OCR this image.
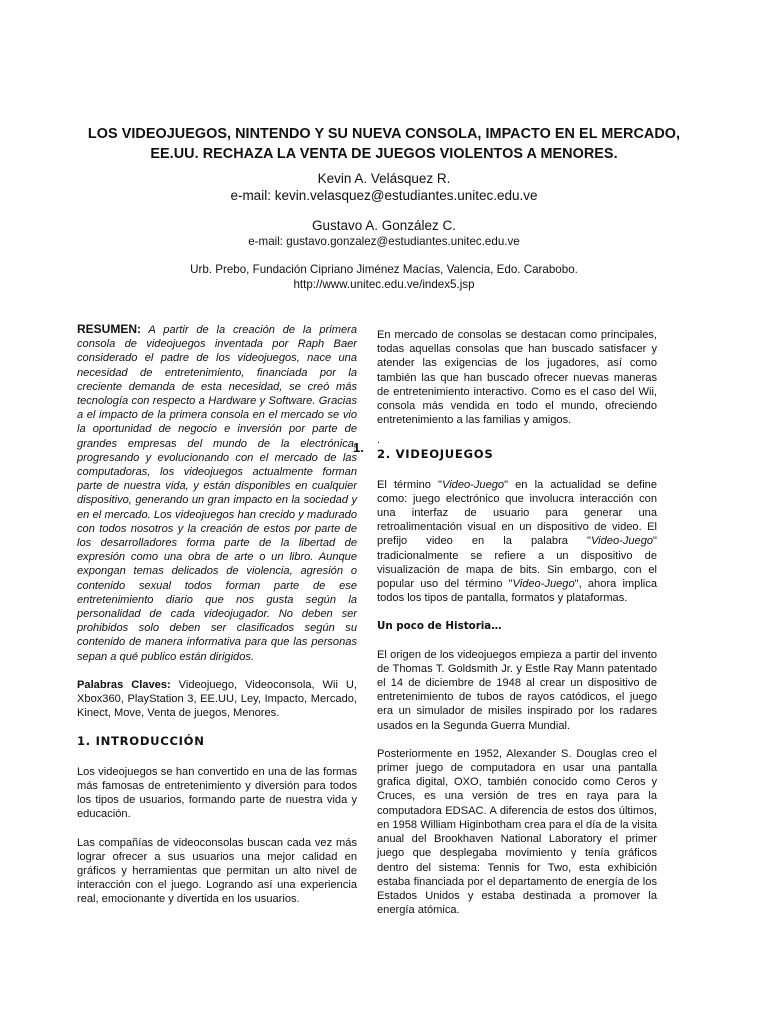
LOS VIDEOJUEGOS, NINTENDO Y SU NUEVA CONSOLA, IMPACTO EN EL MERCADO,
EE.UU. RECHAZA LA VENTA DE JUEGOS VIOLENTOS A MENORES.
Kevin A. Velásquez R.
e-mail: kevin.velasquez@estudiantes.unitec.edu.ve
Gustavo A. González C.
e-mail: gustavo.gonzalez@estudiantes.unitec.edu.ve
Urb. Prebo, Fundación Cipriano Jiménez Macías, Valencia, Edo. Carabobo.
http://www.unitec.edu.ve/index5.jsp

RESUMEN: A partir de la creación de la primera consola de videojuegos inventada por Raph Baer considerado el padre de los videojuegos, nace una necesidad de entretenimiento, financiada por la creciente demanda de esta necesidad, se creó más tecnología con respecto a Hardware y Software. Gracias a el impacto de la primera consola en el mercado se vio la oportunidad de negocio e inversión por parte de grandes empresas del mundo de la electrónica, progresando y evolucionando con el mercado de las computadoras, los videojuegos actualmente forman parte de nuestra vida, y están disponibles en cualquier dispositivo, generando un gran impacto en la sociedad y en el mercado. Los videojuegos han crecido y madurado con todos nosotros y la creación de estos por parte de los desarrolladores forma parte de la libertad de expresión como una obra de arte o un libro. Aunque expongan temas delicados de violencia, agresión o contenido sexual todos forman parte de ese entretenimiento diario que nos gusta según la personalidad de cada videojugador. No deben ser prohibidos solo deben ser clasificados según su contenido de manera informativa para que las personas sepan a qué publico están dirigidos.

Palabras Claves: Videojuego, Videoconsola, Wii U, Xbox360, PlayStation 3, EE.UU, Ley, Impacto, Mercado, Kinect, Move, Venta de juegos, Menores.

1. INTRODUCCIÓN

Los videojuegos se han convertido en una de las formas más famosas de entretenimiento y diversión para todos los tipos de usuarios, formando parte de nuestra vida y educación.

Las compañías de videoconsolas buscan cada vez más lograr ofrecer a sus usuarios una mejor calidad en gráficos y herramientas que permitan un alto nivel de interacción con el juego. Logrando así una experiencia real, emocionante y divertida en los usuarios.

1.

En mercado de consolas se destacan como principales, todas aquellas consolas que han buscado satisfacer y atender las exigencias de los jugadores, así como también las que han buscado ofrecer nuevas maneras de entretenimiento interactivo. Como es el caso del Wii, consola más vendida en todo el mundo, ofreciendo entretenimiento a las familias y amigos.

.

2. VIDEOJUEGOS

El término "Video-Juego" en la actualidad se define como: juego electrónico que involucra interacción con una interfaz de usuario para generar una retroalimentación visual en un dispositivo de video. El prefijo video en la palabra "Video-Juego" tradicionalmente se refiere a un dispositivo de visualización de mapa de bits. Sin embargo, con el popular uso del término "Video-Juego", ahora implica todos los tipos de pantalla, formatos y plataformas.

Un poco de Historia…

El origen de los videojuegos empieza a partir del invento de Thomas T. Goldsmith Jr. y Estle Ray Mann patentado el 14 de diciembre de 1948 al crear un dispositivo de entretenimiento de tubos de rayos catódicos, el juego era un simulador de misiles inspirado por los radares usados en la Segunda Guerra Mundial.

Posteriormente en 1952, Alexander S. Douglas creo el primer juego de computadora en usar una pantalla grafica digital, OXO, también conocido como Ceros y Cruces, es una versión de tres en raya para la computadora EDSAC. A diferencia de estos dos últimos, en 1958 William Higinbotham crea para el día de la visita anual del Brookhaven National Laboratory el primer juego que desplegaba movimiento y tenía gráficos dentro del sistema: Tennis for Two, esta exhibición estaba financiada por el departamento de energía de los Estados Unidos y estaba destinada a promover la energía atómica.
